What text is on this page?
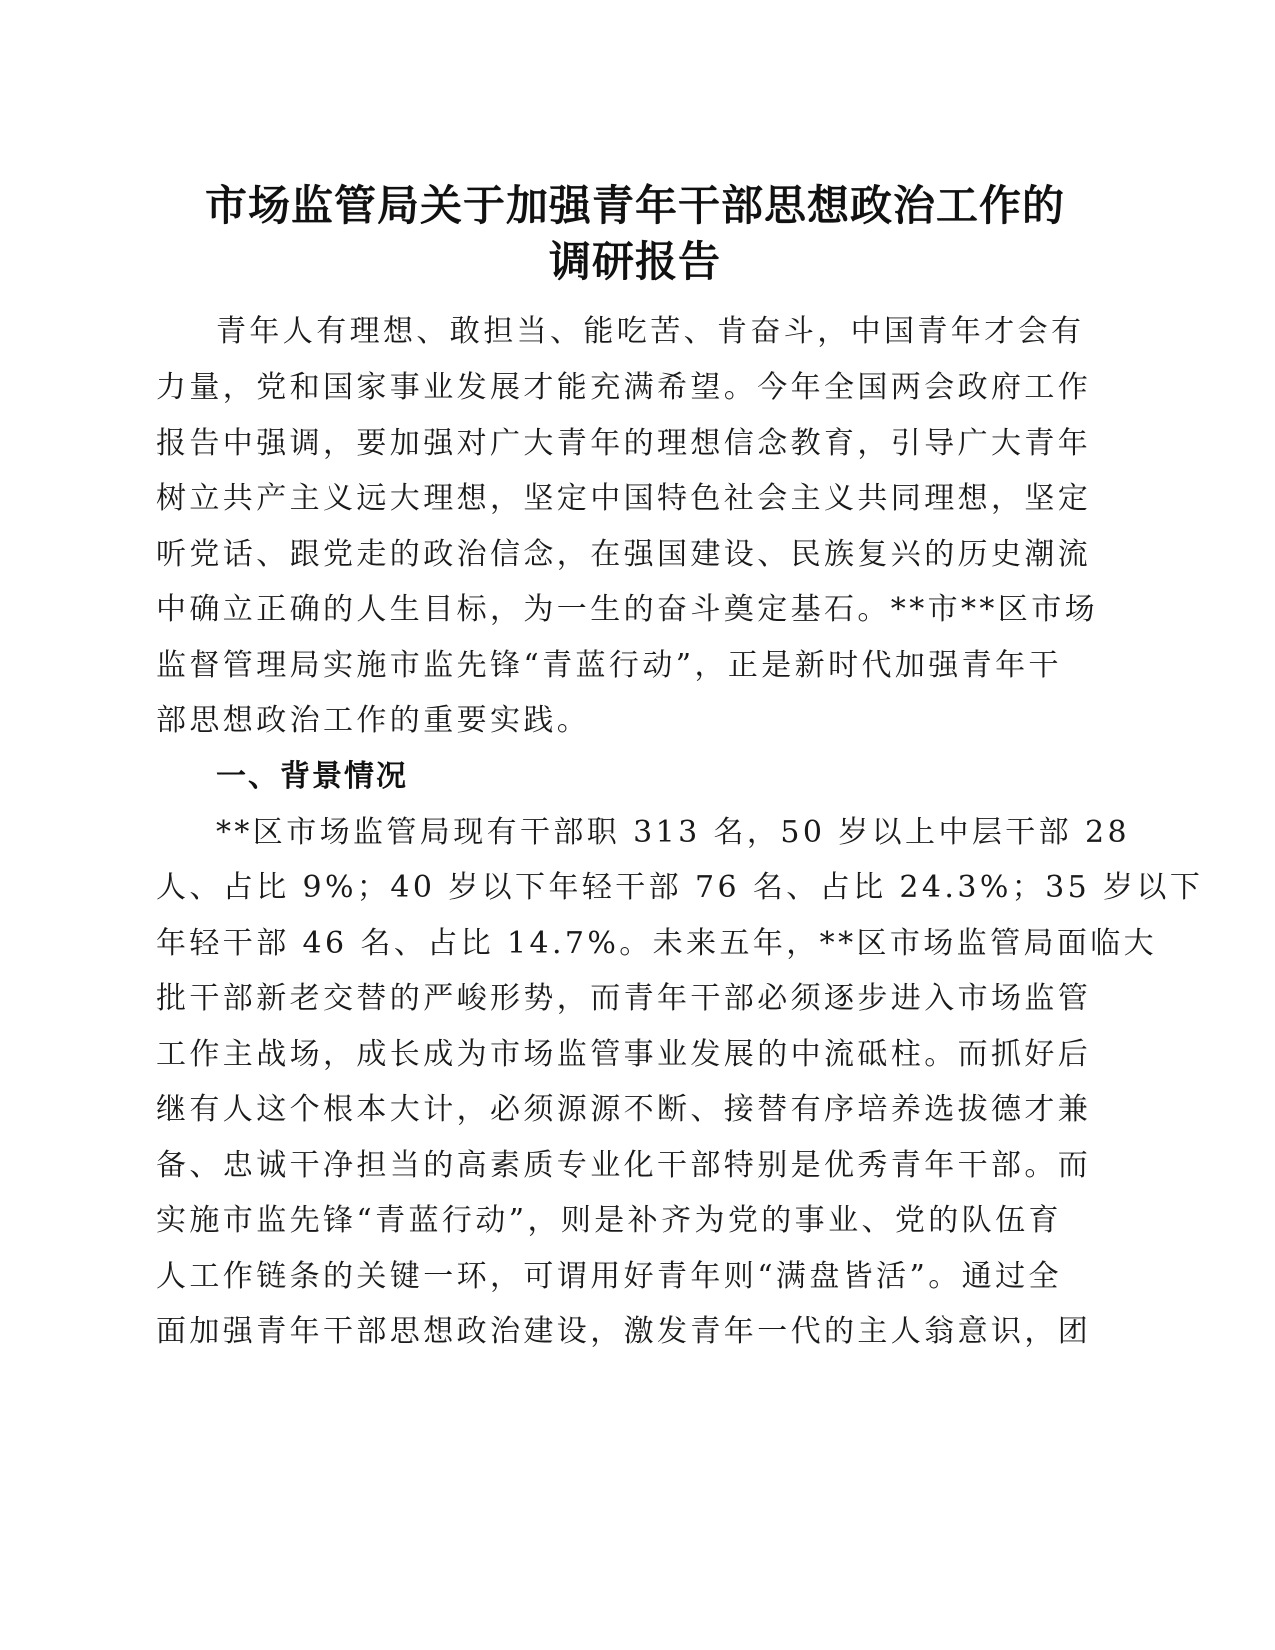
市场监管局关于加强青年干部思想政治工作的
调研报告
青年人有理想、敢担当、能吃苦、肯奋斗，中国青年才会有
力量，党和国家事业发展才能充满希望。今年全国两会政府工作
报告中强调，要加强对广大青年的理想信念教育，引导广大青年
树立共产主义远大理想，坚定中国特色社会主义共同理想，坚定
听党话、跟党走的政治信念，在强国建设、民族复兴的历史潮流
中确立正确的人生目标，为一生的奋斗奠定基石。**市**区市场
监督管理局实施市监先锋“青蓝行动”，正是新时代加强青年干
部思想政治工作的重要实践。
一、背景情况
**区市场监管局现有干部职 313 名，50 岁以上中层干部 28
人、占比 9%；40 岁以下年轻干部 76 名、占比 24.3%；35 岁以下
年轻干部 46 名、占比 14.7%。未来五年，**区市场监管局面临大
批干部新老交替的严峻形势，而青年干部必须逐步进入市场监管
工作主战场，成长成为市场监管事业发展的中流砥柱。而抓好后
继有人这个根本大计，必须源源不断、接替有序培养选拔德才兼
备、忠诚干净担当的高素质专业化干部特别是优秀青年干部。而
实施市监先锋“青蓝行动”，则是补齐为党的事业、党的队伍育
人工作链条的关键一环，可谓用好青年则“满盘皆活”。通过全
面加强青年干部思想政治建设，激发青年一代的主人翁意识，团
